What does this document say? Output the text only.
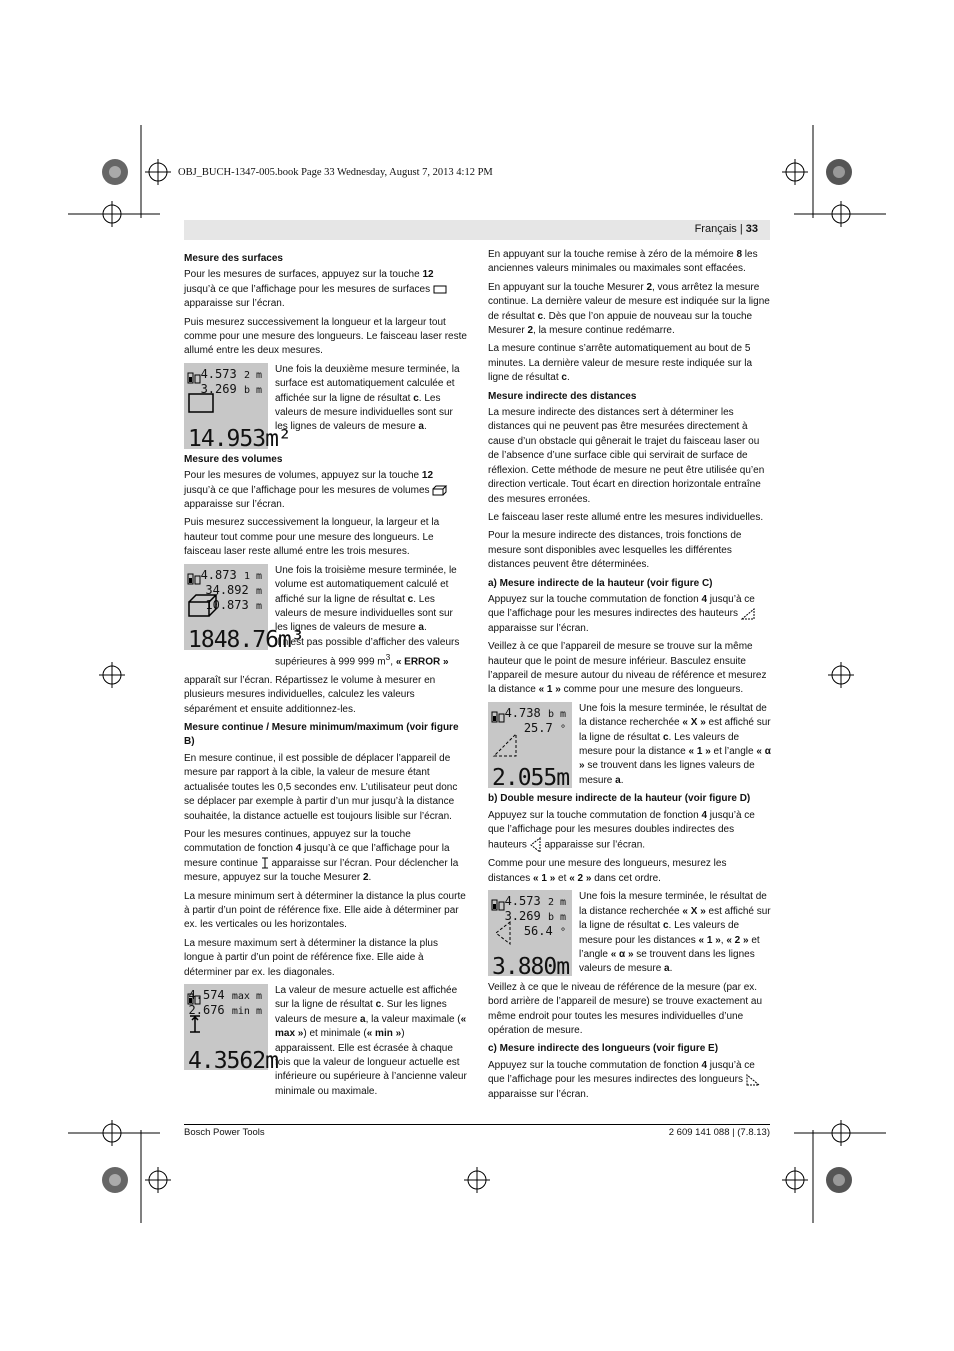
OBJ_BUCH-1347-005.book Page 33 Wednesday, August 7, 2013 4:12 PM
Français | 33
Mesure des surfaces

Pour les mesures de surfaces, appuyez sur la touche 12 jusqu’à ce que l’affichage pour les mesures de surfaces  apparaisse sur l’écran.

Puis mesurez successivement la longueur et la largeur tout comme pour une mesure des longueurs. Le faisceau laser reste allumé entre les deux mesures.

4.573 2 m
3.269 b m
14.953m²
Une fois la deuxième mesure terminée, la surface est automatiquement calculée et affichée sur la ligne de résultat c. Les valeurs de mesure individuelles sont sur les lignes de valeurs de mesure a.
Mesure des volumes

Pour les mesures de volumes, appuyez sur la touche 12 jusqu’à ce que l’affichage pour les mesures de volumes  apparaisse sur l’écran.

Puis mesurez successivement la longueur, la largeur et la hauteur tout comme pour une mesure des longueurs. Le faisceau laser reste allumé entre les trois mesures.

4.873 1 m
34.892 m
10.873 m
1848.76m³
Une fois la troisième mesure terminée, le volume est automatiquement calculé et affiché sur la ligne de résultat c. Les valeurs de mesure individuelles sont sur les lignes de valeurs de mesure a.
Il n’est pas possible d’afficher des valeurs supérieures à 999 999 $m^3$, « ERROR »

apparaît sur l’écran. Répartissez le volume à mesurer en plusieurs mesures individuelles, calculez les valeurs séparément et ensuite additionnez-les.

Mesure continue / Mesure minimum/maximum (voir figure B)

En mesure continue, il est possible de déplacer l’appareil de mesure par rapport à la cible, la valeur de mesure étant actualisée toutes les 0,5 secondes env. L’utilisateur peut donc se déplacer par exemple à partir d’un mur jusqu’à la distance souhaitée, la distance actuelle est toujours lisible sur l’écran.

Pour les mesures continues, appuyez sur la touche commutation de fonction 4 jusqu’à ce que l’affichage pour la mesure continue  apparaisse sur l’écran. Pour déclencher la mesure, appuyez sur la touche Mesurer 2.

La mesure minimum sert à déterminer la distance la plus courte à partir d’un point de référence fixe. Elle aide à déterminer par ex. les verticales ou les horizontales.

La mesure maximum sert à déterminer la distance la plus longue à partir d’un point de référence fixe. Elle aide à déterminer par ex. les diagonales.

4.574 max m
2.676 min m
4.3562m
La valeur de mesure actuelle est affichée sur la ligne de résultat c. Sur les lignes valeurs de mesure a, la valeur maximale (« max ») et minimale (« min ») apparaissent. Elle est écrasée à chaque fois que la valeur de longueur actuelle est inférieure ou supérieure à l’ancienne valeur minimale ou maximale.

En appuyant sur la touche remise à zéro de la mémoire 8 les anciennes valeurs minimales ou maximales sont effacées.

En appuyant sur la touche Mesurer 2, vous arrêtez la mesure continue. La dernière valeur de mesure est indiquée sur la ligne de résultat c. Dès que l’on appuie de nouveau sur la touche Mesurer 2, la mesure continue redémarre.

La mesure continue s’arrête automatiquement au bout de 5 minutes. La dernière valeur de mesure reste indiquée sur la ligne de résultat c.

Mesure indirecte des distances

La mesure indirecte des distances sert à déterminer les distances qui ne peuvent pas être mesurées directement à cause d’un obstacle qui gênerait le trajet du faisceau laser ou de l’absence d’une surface cible qui servirait de surface de réflexion. Cette méthode de mesure ne peut être utilisée qu’en direction verticale. Tout écart en direction horizontale entraîne des mesures erronées.

Le faisceau laser reste allumé entre les mesures individuelles.

Pour la mesure indirecte des distances, trois fonctions de mesure sont disponibles avec lesquelles les différentes distances peuvent être déterminées.

a) Mesure indirecte de la hauteur (voir figure C)

Appuyez sur la touche commutation de fonction 4 jusqu’à ce que l’affichage pour les mesures indirectes des hauteurs  apparaisse sur l’écran.

Veillez à ce que l’appareil de mesure se trouve sur la même hauteur que le point de mesure inférieur. Basculez ensuite l’appareil de mesure autour du niveau de référence et mesurez la distance « 1 » comme pour une mesure des longueurs.

4.738 b m
25.7 °
2.055m
Une fois la mesure terminée, le résultat de la distance recherchée « X » est affiché sur la ligne de résultat c. Les valeurs de mesure pour la distance « 1 » et l’angle « α » se trouvent dans les lignes valeurs de mesure a.
b) Double mesure indirecte de la hauteur (voir figure D)

Appuyez sur la touche commutation de fonction 4 jusqu’à ce que l’affichage pour les mesures doubles indirectes des hauteurs  apparaisse sur l’écran.

Comme pour une mesure des longueurs, mesurez les distances « 1 » et « 2 » dans cet ordre.

4.573 2 m
3.269 b m
56.4 °
3.880m
Une fois la mesure terminée, le résultat de la distance recherchée « X » est affiché sur la ligne de résultat c. Les valeurs de mesure pour les distances « 1 », « 2 » et l’angle « α » se trouvent dans les lignes valeurs de mesure a.

Veillez à ce que le niveau de référence de la mesure (par ex. bord arrière de l’appareil de mesure) se trouve exactement au même endroit pour toutes les mesures individuelles d’une opération de mesure.

c) Mesure indirecte des longueurs (voir figure E)

Appuyez sur la touche commutation de fonction 4 jusqu’à ce que l’affichage pour les mesures indirectes des longueurs  apparaisse sur l’écran.

Bosch Power Tools	2 609 141 088 | (7.8.13)
